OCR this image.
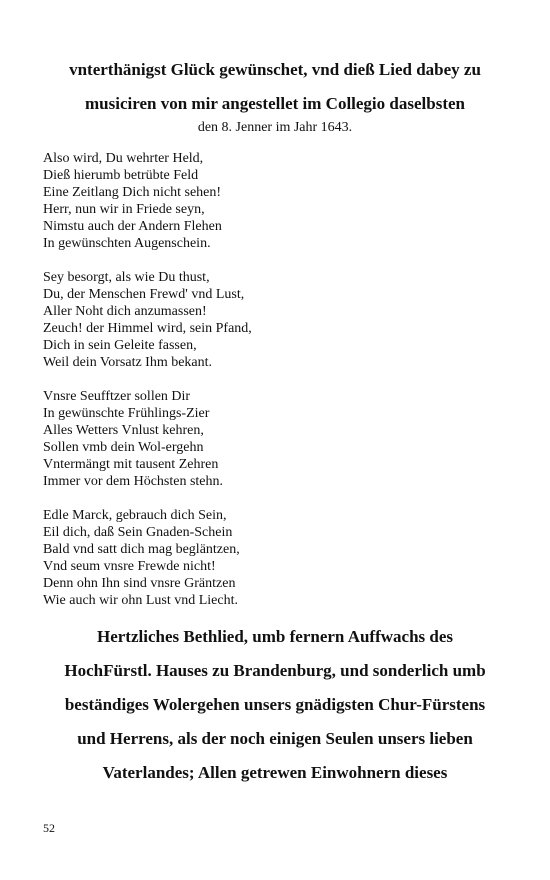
vnterthänigst Glück gewünschet, vnd dieß Lied dabey zu
musiciren von mir angestellet im Collegio daselbsten
den 8. Jenner im Jahr 1643.
Also wird, Du wehrter Held,
Dieß hierumb betrübte Feld
Eine Zeitlang Dich nicht sehen!
Herr, nun wir in Friede seyn,
Nimstu auch der Andern Flehen
In gewünschten Augenschein.
Sey besorgt, als wie Du thust,
Du, der Menschen Frewd' vnd Lust,
Aller Noht dich anzumassen!
Zeuch! der Himmel wird, sein Pfand,
Dich in sein Geleite fassen,
Weil dein Vorsatz Ihm bekant.
Vnsre Seufftzer sollen Dir
In gewünschte Frühlings-Zier
Alles Wetters Vnlust kehren,
Sollen vmb dein Wol-ergehn
Vntermängt mit tausent Zehren
Immer vor dem Höchsten stehn.
Edle Marck, gebrauch dich Sein,
Eil dich, daß Sein Gnaden-Schein
Bald vnd satt dich mag begläntzen,
Vnd seum vnsre Frewde nicht!
Denn ohn Ihn sind vnsre Gräntzen
Wie auch wir ohn Lust vnd Liecht.
Hertzliches Bethlied, umb fernern Auffwachs des
HochFürstl. Hauses zu Brandenburg, und sonderlich umb
beständiges Wolergehen unsers gnädigsten Chur-Fürstens
und Herrens, als der noch einigen Seulen unsers lieben
Vaterlandes; Allen getrewen Einwohnern dieses
52
